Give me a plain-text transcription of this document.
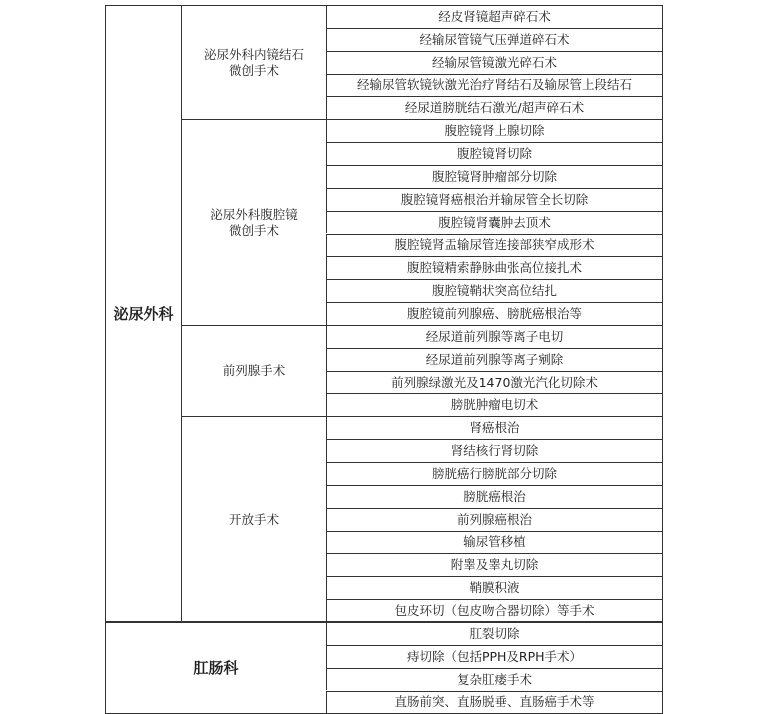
泌尿外科
泌尿外科内镜结石
微创手术
经皮肾镜超声碎石术
经输尿管镜气压弹道碎石术
经输尿管镜激光碎石术
经输尿管软镜钬激光治疗肾结石及输尿管上段结石
经尿道膀胱结石激光/超声碎石术
泌尿外科腹腔镜
微创手术
腹腔镜肾上腺切除
腹腔镜肾切除
腹腔镜肾肿瘤部分切除
腹腔镜肾癌根治并输尿管全长切除
腹腔镜肾囊肿去顶术
腹腔镜肾盂输尿管连接部狭窄成形术
腹腔镜精索静脉曲张高位接扎术
腹腔镜鞘状突高位结扎
腹腔镜前列腺癌、膀胱癌根治等
前列腺手术
经尿道前列腺等离子电切
经尿道前列腺等离子剜除
前列腺绿激光及1470激光汽化切除术
膀胱肿瘤电切术
开放手术
肾癌根治
肾结核行肾切除
膀胱癌行膀胱部分切除
膀胱癌根治
前列腺癌根治
输尿管移植
附睾及睾丸切除
鞘膜积液
包皮环切（包皮吻合器切除）等手术
肛肠科
肛裂切除
痔切除（包括PPH及RPH手术）
复杂肛瘘手术
直肠前突、直肠脱垂、直肠癌手术等
